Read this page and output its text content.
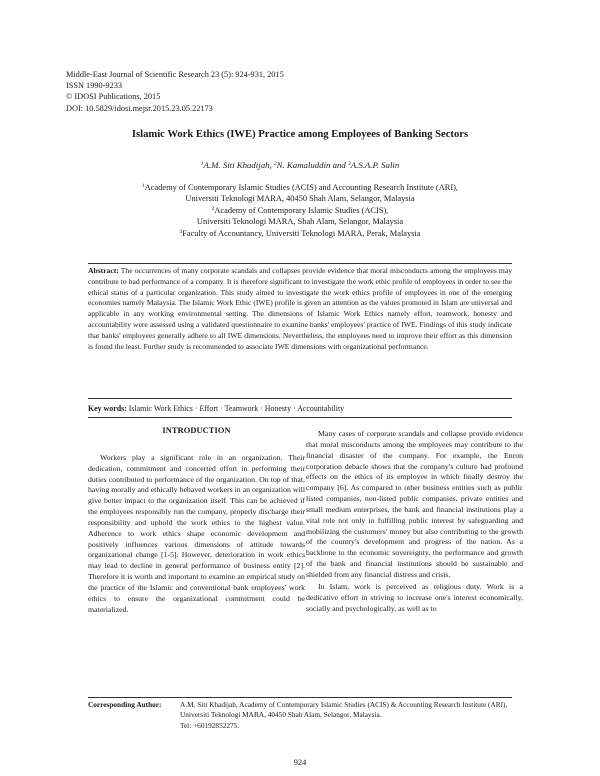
Middle-East Journal of Scientific Research 23 (5): 924-931, 2015
ISSN 1990-9233
© IDOSI Publications, 2015
DOI: 10.5829/idosi.mejsr.2015.23.05.22173
Islamic Work Ethics (IWE) Practice among Employees of Banking Sectors
$^1$A.M. Siti Khadijah, $^2$N. Kamaluddin and $^3$A.S.A.P. Salin
$^1$Academy of Contemporary Islamic Studies (ACIS) and Accounting Research Institute (ARI),
Universiti Teknologi MARA, 40450 Shah Alam, Selangor, Malaysia
$^2$Academy of Contemporary Islamic Studies (ACIS),
Universiti Teknologi MARA, Shah Alam, Selangor, Malaysia
$^3$Faculty of Accountancy, Universiti Teknologi MARA, Perak, Malaysia
Abstract: The occurrences of many corporate scandals and collapses provide evidence that moral misconducts among the employees may contribute to bad performance of a company. It is therefore significant to investigate the work ethic profile of employees in order to see the ethical status of a particular organization. This study aimed to investigate the work ethics profile of employees in one of the emerging economies namely Malaysia. The Islamic Work Ethic (IWE) profile is given an attention as the values promoted in Islam are universal and applicable in any working environmental setting. The dimensions of Islamic Work Ethics namely effort, teamwork, honesty and accountability were assessed using a validated questionnaire to examine banks' employees' practice of IWE. Findings of this study indicate that banks' employees generally adhere to all IWE dimensions. Nevertheless, the employees need to improve their effort as this dimension is found the least. Further study is recommended to associate IWE dimensions with organizational performance.
Key words: Islamic Work Ethics · Effort · Teamwork · Honesty · Accountability
INTRODUCTION

Workers play a significant role in an organization. Their dedication, commitment and concerted effort in performing their duties contributed to performance of the organization. On top of that, having morally and ethically behaved workers in an organization will give better impact to the organization itself. This can be achieved if the employees responsibly run the company, properly discharge their responsibility and uphold the work ethics to the highest value. Adherence to work ethics shape economic development and positively influences various dimensions of attitude towards organizational change [1-5]. However, deterioration in work ethics may lead to decline in general performance of business entity [2]. Therefore it is worth and important to examine an empirical study on the practice of the Islamic and conventional bank employees' work ethics to ensure the organizational commitment could be materialized.

Many cases of corporate scandals and collapse provide evidence that moral misconducts among the employees may contribute to the financial disaster of the company. For example, the Enron corporation debacle shows that the company's culture had profound effects on the ethics of its employee in which finally destroy the company [6]. As compared to other business entities such as public listed companies, non-listed public companies, private entities and small medium enterprises, the bank and financial institutions play a vital role not only in fulfilling public interest by safeguarding and mobilizing the customers' money but also contributing to the growth of the country's development and progress of the nation. As a backbone to the economic sovereignty, the performance and growth of the bank and financial institutions should be sustainable and shielded from any financial distress and crisis.

In Islam, work is perceived as religious duty. Work is a dedicative effort in striving to increase one's interest economically, socially and psychologically, as well as to

Corresponding Author:	A.M. Siti Khadijah, Academy of Contemporary Islamic Studies (ACIS) & Accounting Research Institute (ARI), Universiti Teknologi MARA, 40450 Shah Alam, Selangor, Malaysia.
Tel: +60192852275.
924
